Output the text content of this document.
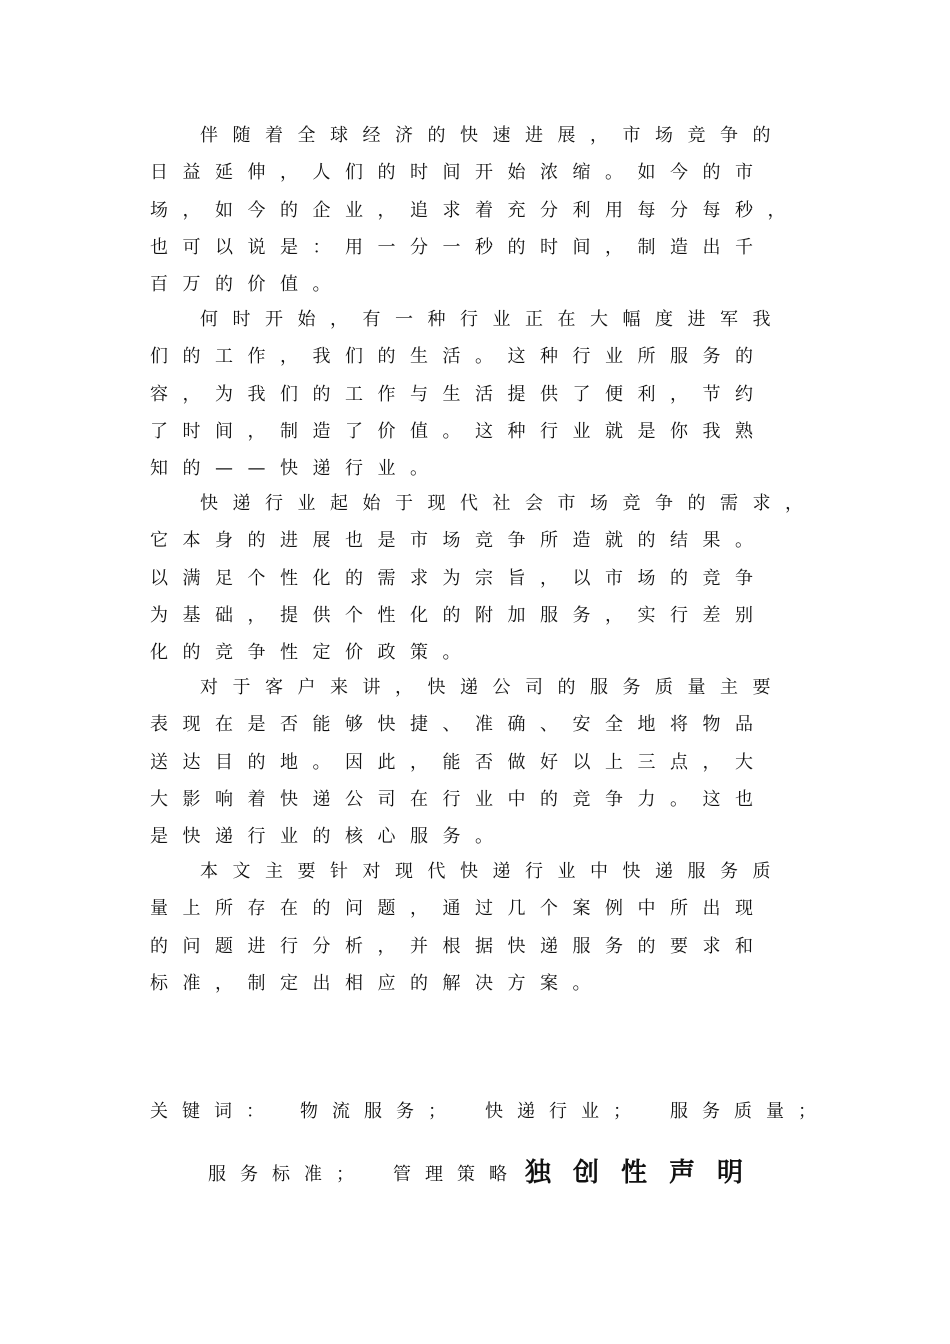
伴随着全球经济的快速进展，市场竞争的
日益延伸，人们的时间开始浓缩。如今的市
场，如今的企业，追求着充分利用每分每秒，
也可以说是：用一分一秒的时间，制造出千
百万的价值。
何时开始，有一种行业正在大幅度进军我
们的工作，我们的生活。这种行业所服务的
容，为我们的工作与生活提供了便利，节约
了时间，制造了价值。这种行业就是你我熟
知的——快递行业。
快递行业起始于现代社会市场竞争的需求，
它本身的进展也是市场竞争所造就的结果。
以满足个性化的需求为宗旨，以市场的竞争
为基础，提供个性化的附加服务，实行差别
化的竞争性定价政策。
对于客户来讲，快递公司的服务质量主要
表现在是否能够快捷、准确、安全地将物品
送达目的地。因此，能否做好以上三点，大
大影响着快递公司在行业中的竞争力。这也
是快递行业的核心服务。
本文主要针对现代快递行业中快递服务质
量上所存在的问题，通过几个案例中所出现
的问题进行分析，并根据快递服务的要求和
标准，制定出相应的解决方案。
关键词： 物流服务； 快递行业； 服务质量；
服务标准； 管理策略 独创性声明
